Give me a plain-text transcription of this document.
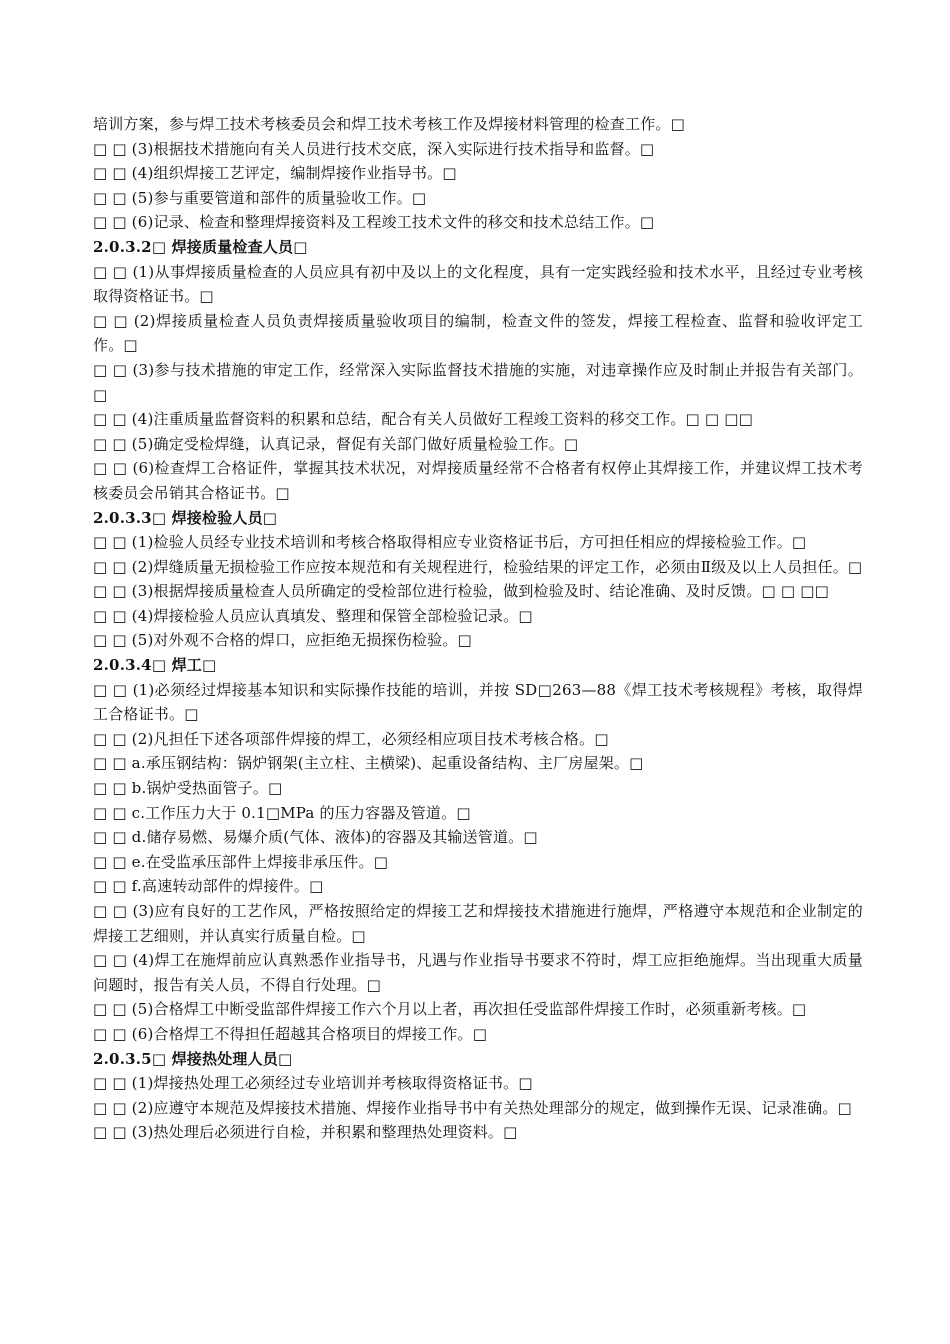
培训方案，参与焊工技术考核委员会和焊工技术考核工作及焊接材料管理的检查工作。□

□ □ (3)根据技术措施向有关人员进行技术交底，深入实际进行技术指导和监督。□

□ □ (4)组织焊接工艺评定，编制焊接作业指导书。□

□ □ (5)参与重要管道和部件的质量验收工作。□

□ □ (6)记录、检查和整理焊接资料及工程竣工技术文件的移交和技术总结工作。□

2.0.3.2□ 焊接质量检查人员□

□ □ (1)从事焊接质量检查的人员应具有初中及以上的文化程度，具有一定实践经验和技术水平，且经过专业考核取得资格证书。□

□ □ (2)焊接质量检查人员负责焊接质量验收项目的编制，检查文件的签发，焊接工程检查、监督和验收评定工作。□

□ □ (3)参与技术措施的审定工作，经常深入实际监督技术措施的实施，对违章操作应及时制止并报告有关部门。□

□ □ (4)注重质量监督资料的积累和总结，配合有关人员做好工程竣工资料的移交工作。□ □ □□

□ □ (5)确定受检焊缝，认真记录，督促有关部门做好质量检验工作。□

□ □ (6)检查焊工合格证件，掌握其技术状况，对焊接质量经常不合格者有权停止其焊接工作，并建议焊工技术考核委员会吊销其合格证书。□

2.0.3.3□ 焊接检验人员□

□ □ (1)检验人员经专业技术培训和考核合格取得相应专业资格证书后，方可担任相应的焊接检验工作。□

□ □ (2)焊缝质量无损检验工作应按本规范和有关规程进行，检验结果的评定工作，必须由Ⅱ级及以上人员担任。□

□ □ (3)根据焊接质量检查人员所确定的受检部位进行检验，做到检验及时、结论准确、及时反馈。□ □ □□

□ □ (4)焊接检验人员应认真填发、整理和保管全部检验记录。□

□ □ (5)对外观不合格的焊口，应拒绝无损探伤检验。□

2.0.3.4□ 焊工□

□ □ (1)必须经过焊接基本知识和实际操作技能的培训，并按 SD□263—88《焊工技术考核规程》考核，取得焊工合格证书。□

□ □ (2)凡担任下述各项部件焊接的焊工，必须经相应项目技术考核合格。□

□ □ a.承压钢结构：锅炉钢架(主立柱、主横梁)、起重设备结构、主厂房屋架。□

□ □ b.锅炉受热面管子。□

□ □ c.工作压力大于 0.1□MPa 的压力容器及管道。□

□ □ d.储存易燃、易爆介质(气体、液体)的容器及其输送管道。□

□ □ e.在受监承压部件上焊接非承压件。□

□ □ f.高速转动部件的焊接件。□

□ □ (3)应有良好的工艺作风，严格按照给定的焊接工艺和焊接技术措施进行施焊，严格遵守本规范和企业制定的焊接工艺细则，并认真实行质量自检。□

□ □ (4)焊工在施焊前应认真熟悉作业指导书，凡遇与作业指导书要求不符时，焊工应拒绝施焊。当出现重大质量问题时，报告有关人员，不得自行处理。□

□ □ (5)合格焊工中断受监部件焊接工作六个月以上者，再次担任受监部件焊接工作时，必须重新考核。□

□ □ (6)合格焊工不得担任超越其合格项目的焊接工作。□

2.0.3.5□ 焊接热处理人员□

□ □ (1)焊接热处理工必须经过专业培训并考核取得资格证书。□

□ □ (2)应遵守本规范及焊接技术措施、焊接作业指导书中有关热处理部分的规定，做到操作无误、记录准确。□

□ □ (3)热处理后必须进行自检，并积累和整理热处理资料。□
